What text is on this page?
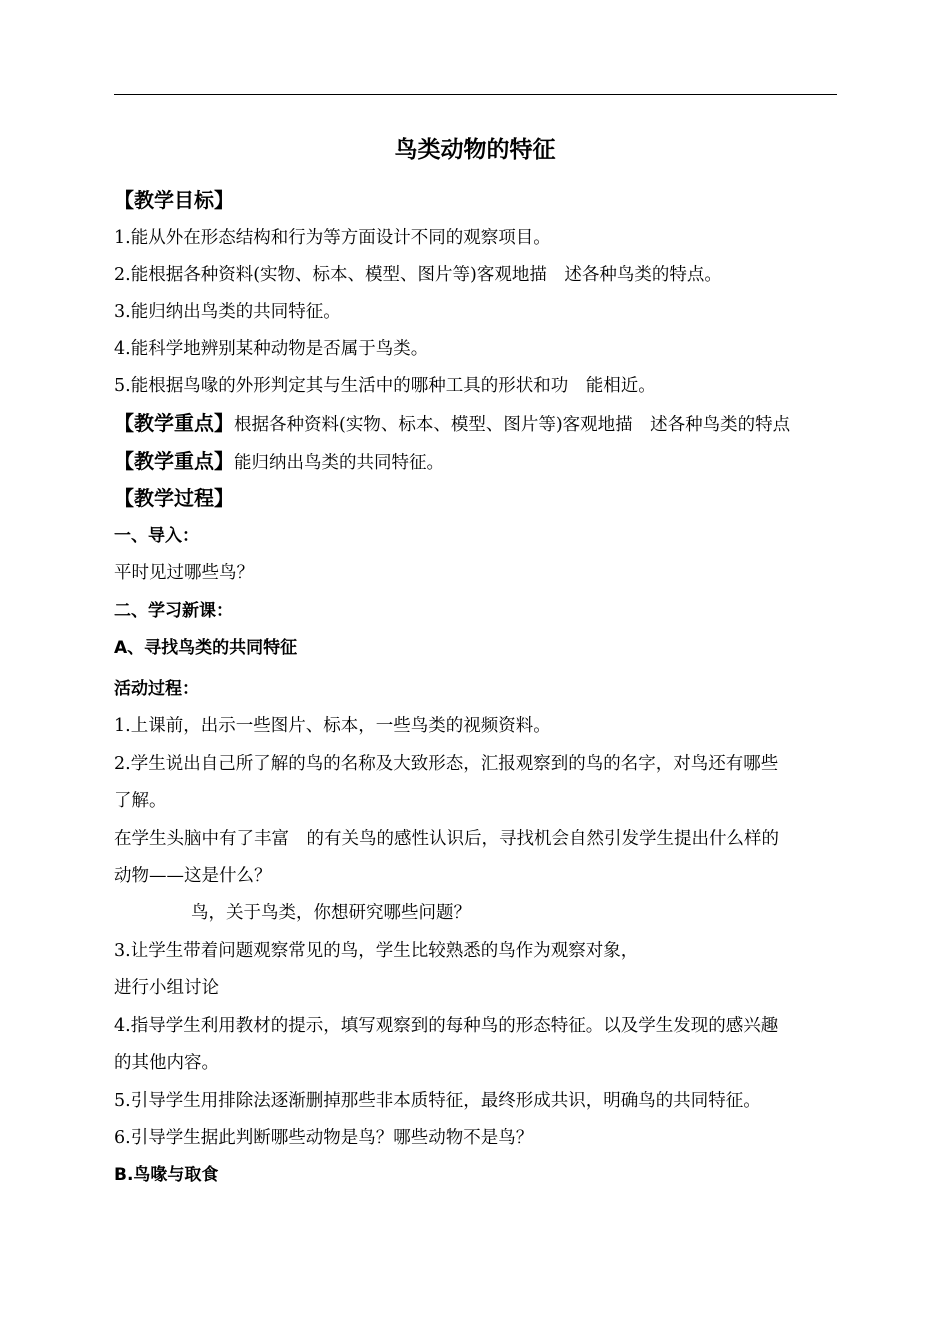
鸟类动物的特征
【教学目标】
1.能从外在形态结构和行为等方面设计不同的观察项目。
2.能根据各种资料(实物、标本、模型、图片等)客观地描　述各种鸟类的特点。
3.能归纳出鸟类的共同特征。
4.能科学地辨别某种动物是否属于鸟类。
5.能根据鸟喙的外形判定其与生活中的哪种工具的形状和功　能相近。
【教学重点】根据各种资料(实物、标本、模型、图片等)客观地描　述各种鸟类的特点
【教学重点】能归纳出鸟类的共同特征。
【教学过程】
一、导入：
平时见过哪些鸟？
二、学习新课：
A、寻找鸟类的共同特征
活动过程：
1.上课前，出示一些图片、标本，一些鸟类的视频资料。
2.学生说出自己所了解的鸟的名称及大致形态，汇报观察到的鸟的名字，对鸟还有哪些
了解。
在学生头脑中有了丰富　的有关鸟的感性认识后，寻找机会自然引发学生提出什么样的
动物——这是什么？
鸟，关于鸟类，你想研究哪些问题？
3.让学生带着问题观察常见的鸟，学生比较熟悉的鸟作为观察对象，
进行小组讨论
4.指导学生利用教材的提示，填写观察到的每种鸟的形态特征。以及学生发现的感兴趣
的其他内容。
5.引导学生用排除法逐渐删掉那些非本质特征，最终形成共识，明确鸟的共同特征。
6.引导学生据此判断哪些动物是鸟？哪些动物不是鸟？
B.鸟喙与取食
